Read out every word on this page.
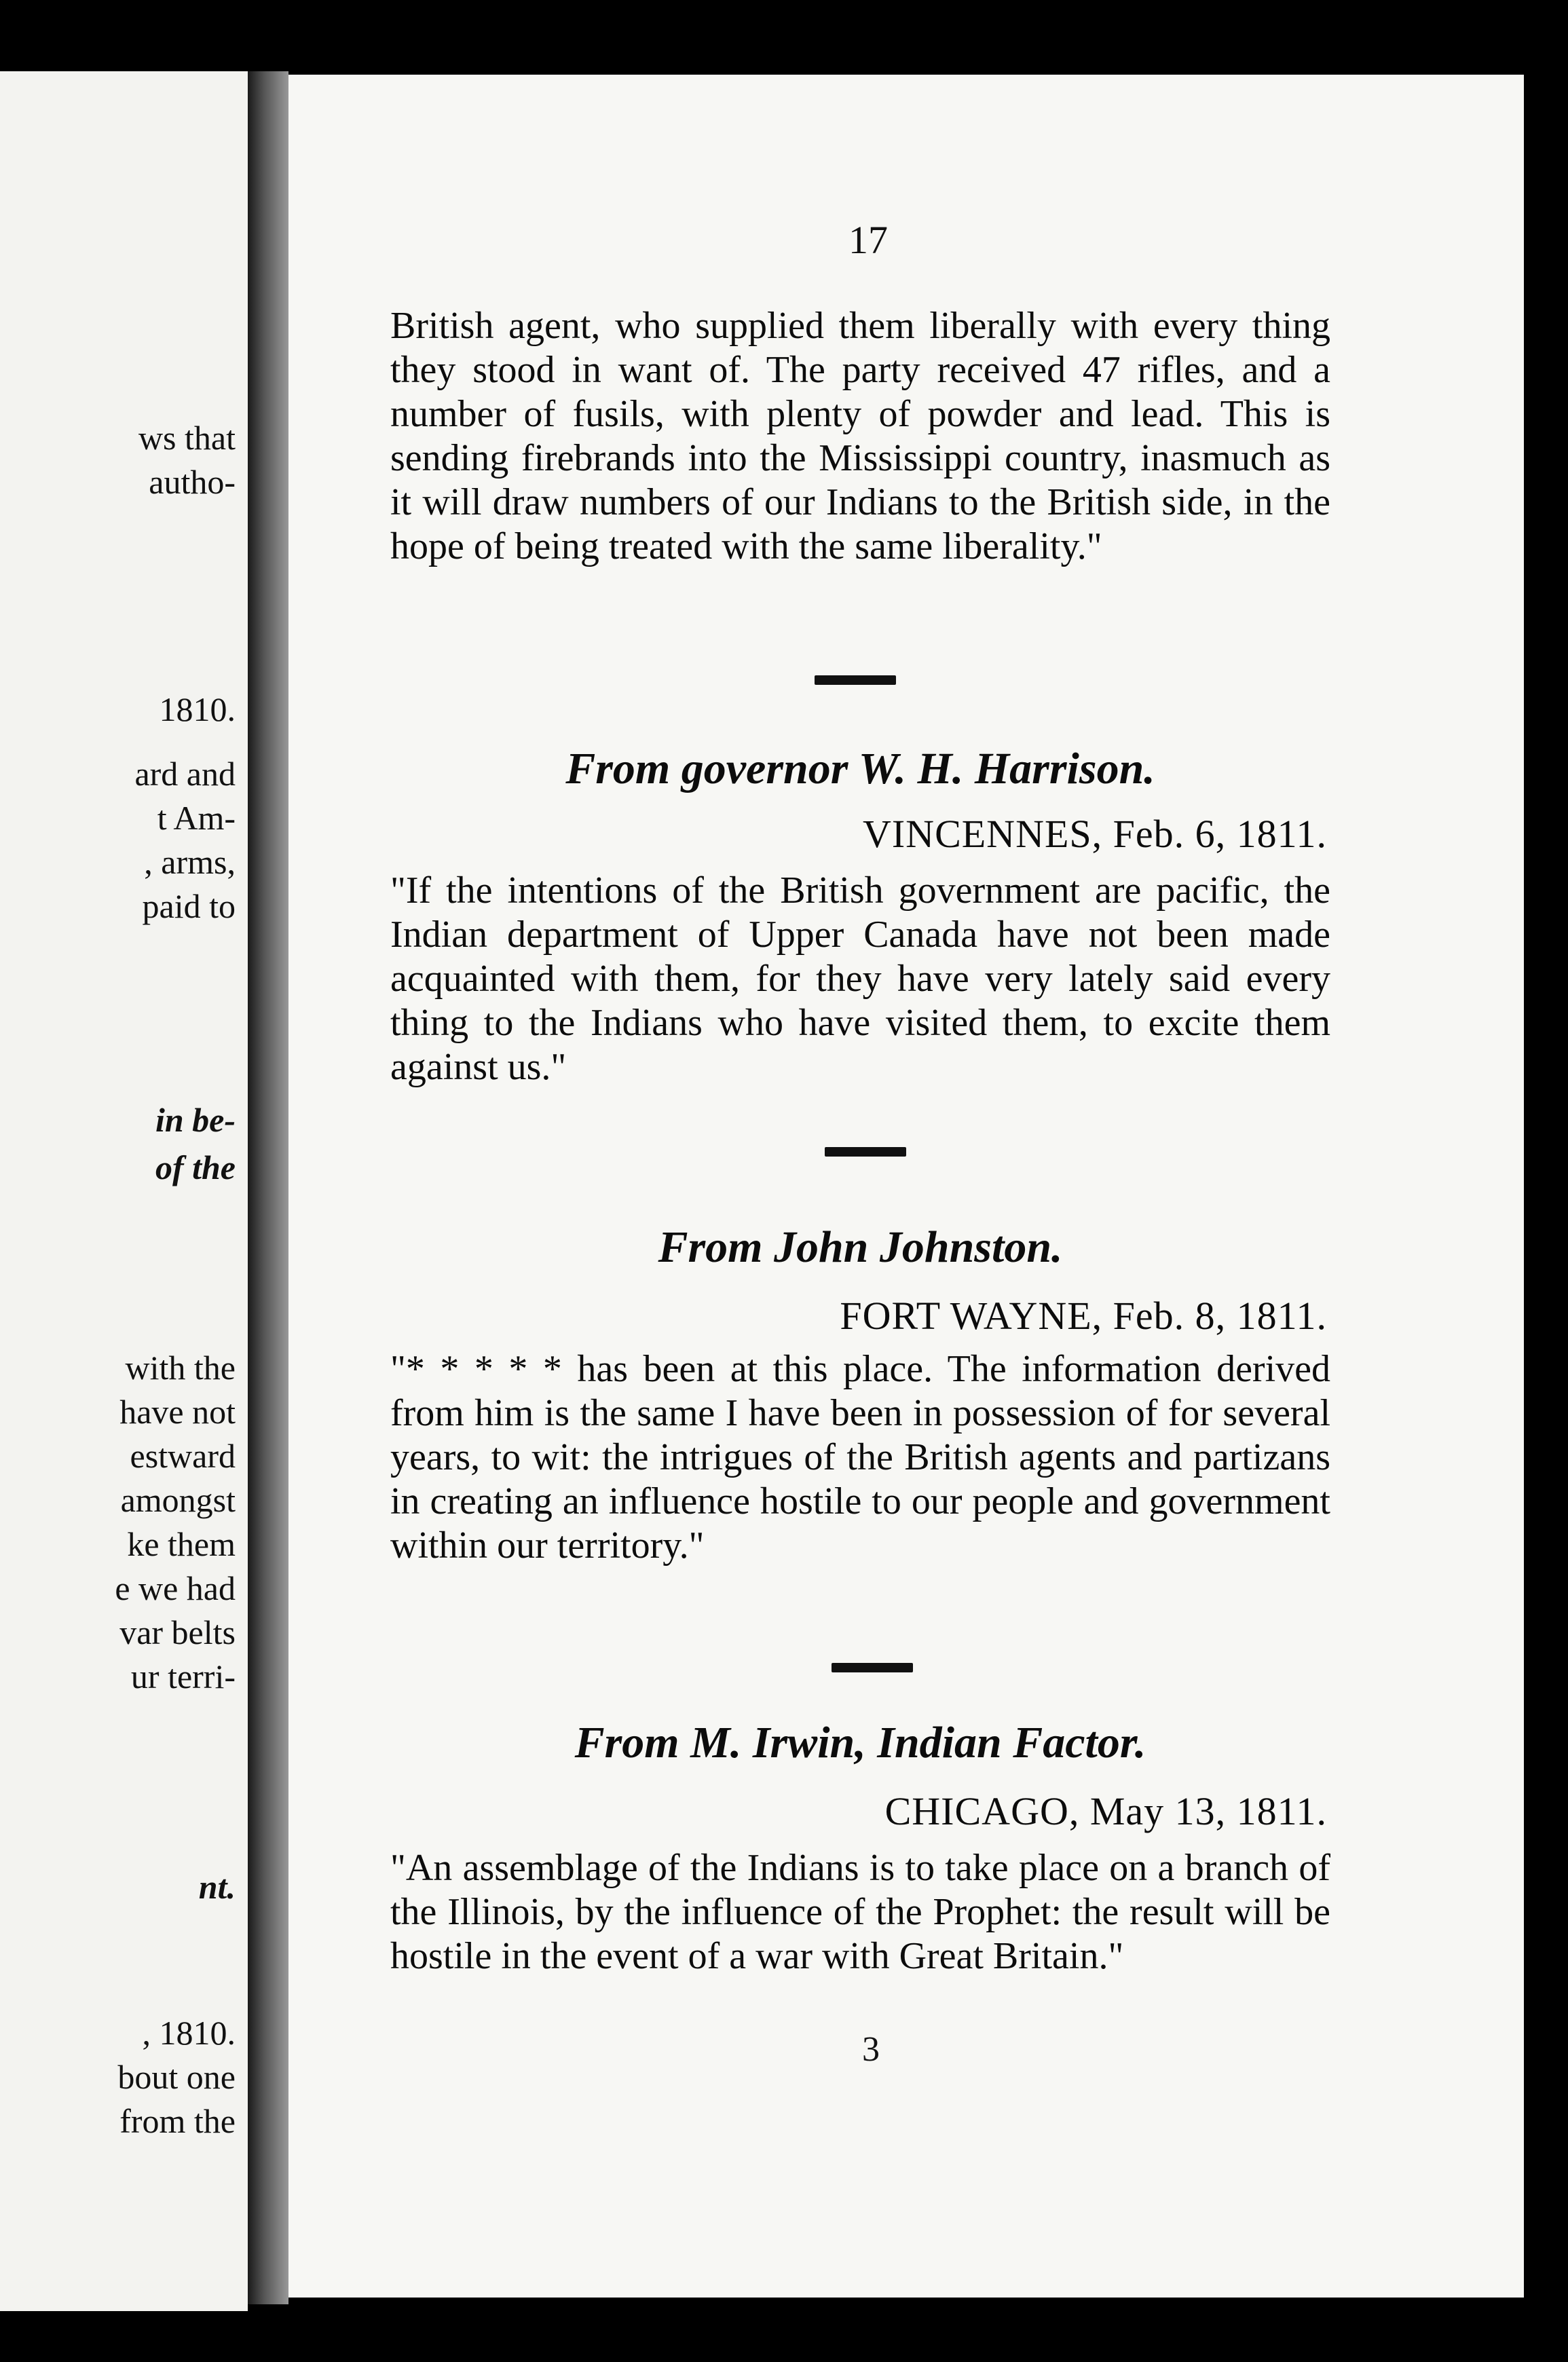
ws that
autho-
1810.
ard and
t Am-
, arms,
paid to
in be-
of the
with the
have not
estward
amongst
ke them
e we had
var belts
ur terri-
nt.
, 1810.
bout one
from the
17

British agent, who supplied them liberally with every thing they stood in want of. The party received 47 rifles, and a number of fusils, with plenty of powder and lead. This is sending firebrands into the Mississippi country, inasmuch as it will draw numbers of our Indians to the British side, in the hope of being treated with the same liberality."

From governor W. H. Harrison.
VINCENNES, Feb. 6, 1811.

"If the intentions of the British government are pacific, the Indian department of Upper Canada have not been made acquainted with them, for they have very lately said every thing to the Indians who have visited them, to excite them against us."

From John Johnston.
FORT WAYNE, Feb. 8, 1811.

"* * * * * has been at this place. The information derived from him is the same I have been in possession of for several years, to wit: the intrigues of the British agents and partizans in creating an influence hostile to our people and government within our territory."

From M. Irwin, Indian Factor.
CHICAGO, May 13, 1811.

"An assemblage of the Indians is to take place on a branch of the Illinois, by the influence of the Prophet: the result will be hostile in the event of a war with Great Britain."

3
